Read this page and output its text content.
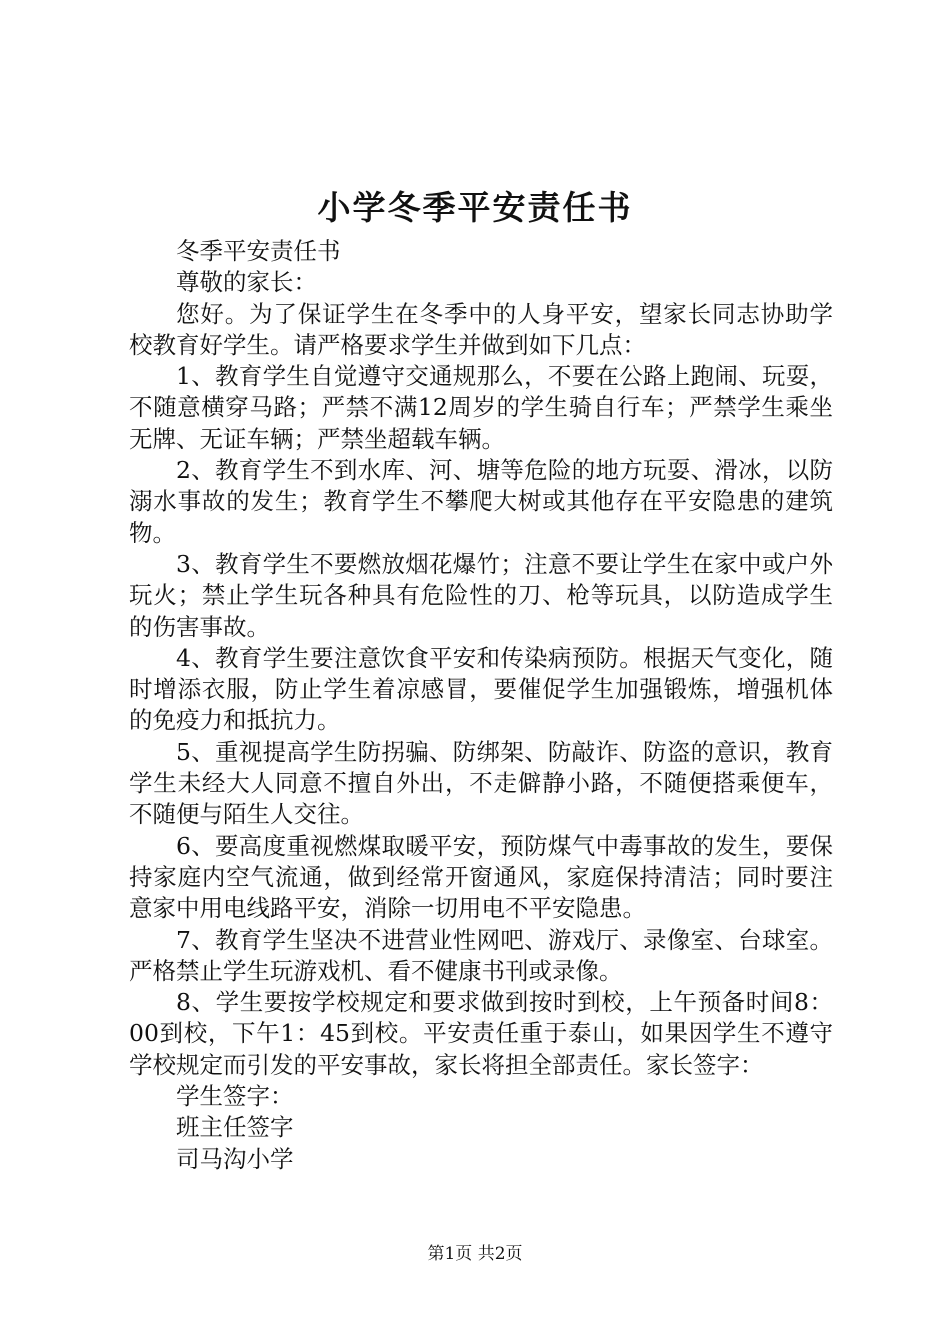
小学冬季平安责任书

冬季平安责任书

尊敬的家长：

您好。为了保证学生在冬季中的人身平安，望家长同志协助学校教育好学生。请严格要求学生并做到如下几点：

1、教育学生自觉遵守交通规那么，不要在公路上跑闹、玩耍，不随意横穿马路；严禁不满12周岁的学生骑自行车；严禁学生乘坐无牌、无证车辆；严禁坐超载车辆。

2、教育学生不到水库、河、塘等危险的地方玩耍、滑冰，以防溺水事故的发生；教育学生不攀爬大树或其他存在平安隐患的建筑物。

3、教育学生不要燃放烟花爆竹；注意不要让学生在家中或户外玩火；禁止学生玩各种具有危险性的刀、枪等玩具，以防造成学生的伤害事故。

4、教育学生要注意饮食平安和传染病预防。根据天气变化，随时增添衣服，防止学生着凉感冒，要催促学生加强锻炼，增强机体的免疫力和抵抗力。

5、重视提高学生防拐骗、防绑架、防敲诈、防盗的意识，教育学生未经大人同意不擅自外出，不走僻静小路，不随便搭乘便车，不随便与陌生人交往。

6、要高度重视燃煤取暖平安，预防煤气中毒事故的发生，要保持家庭内空气流通，做到经常开窗通风，家庭保持清洁；同时要注意家中用电线路平安，消除一切用电不平安隐患。

7、教育学生坚决不进营业性网吧、游戏厅、录像室、台球室。严格禁止学生玩游戏机、看不健康书刊或录像。

8、学生要按学校规定和要求做到按时到校，上午预备时间8：00到校，下午1：45到校。平安责任重于泰山，如果因学生不遵守学校规定而引发的平安事故，家长将担全部责任。家长签字：

学生签字：

班主任签字

司马沟小学

第1页 共2页
